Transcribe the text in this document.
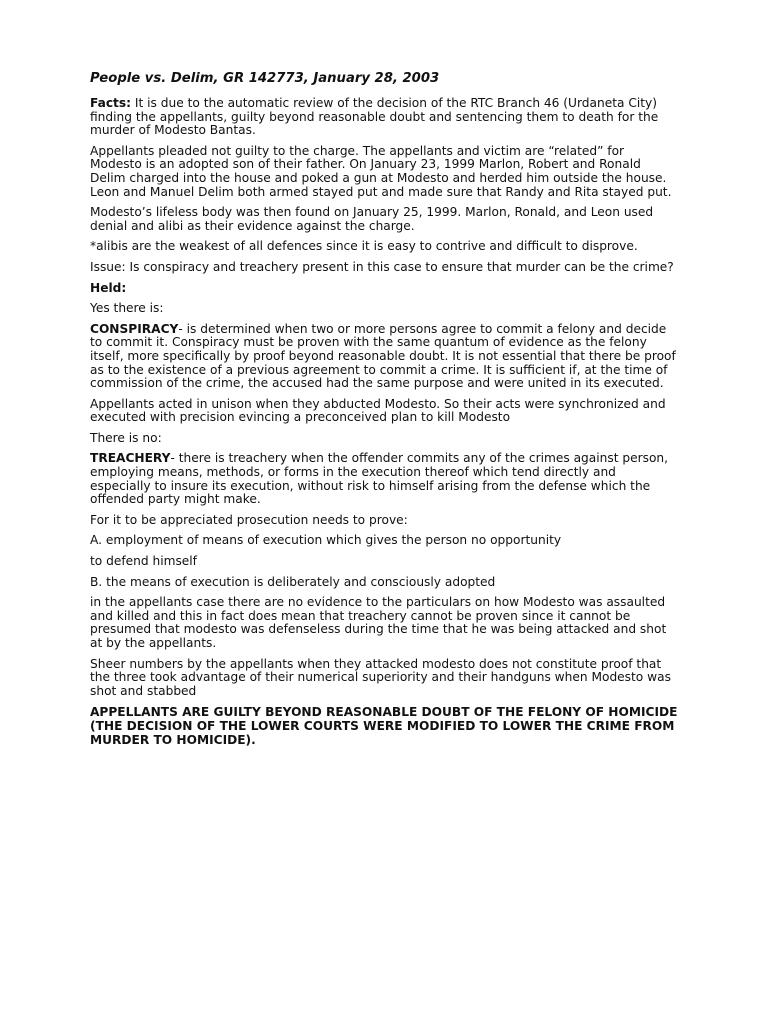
People vs. Delim, GR 142773, January 28, 2003

Facts: It is due to the automatic review of the decision of the RTC Branch 46 (Urdaneta City) finding the appellants, guilty beyond reasonable doubt and sentencing them to death for the murder of Modesto Bantas.

Appellants pleaded not guilty to the charge. The appellants and victim are “related” for Modesto is an adopted son of their father. On January 23, 1999 Marlon, Robert and Ronald Delim charged into the house and poked a gun at Modesto and herded him outside the house. Leon and Manuel Delim both armed stayed put and made sure that Randy and Rita stayed put.

Modesto’s lifeless body was then found on January 25, 1999. Marlon, Ronald, and Leon used denial and alibi as their evidence against the charge.

*alibis are the weakest of all defences since it is easy to contrive and difficult to disprove.

Issue: Is conspiracy and treachery present in this case to ensure that murder can be the crime?

Held:

Yes there is:

CONSPIRACY- is determined when two or more persons agree to commit a felony and decide to commit it. Conspiracy must be proven with the same quantum of evidence as the felony itself, more specifically by proof beyond reasonable doubt. It is not essential that there be proof as to the existence of a previous agreement to commit a crime. It is sufficient if, at the time of commission of the crime, the accused had the same purpose and were united in its executed.

Appellants acted in unison when they abducted Modesto. So their acts were synchronized and executed with precision evincing a preconceived plan to kill Modesto

There is no:

TREACHERY- there is treachery when the offender commits any of the crimes against person, employing means, methods, or forms in the execution thereof which tend directly and especially to insure its execution, without risk to himself arising from the defense which the offended party might make.

For it to be appreciated prosecution needs to prove:

A. employment of means of execution which gives the person no opportunity

to defend himself

B. the means of execution is deliberately and consciously adopted

in the appellants case there are no evidence to the particulars on how Modesto was assaulted and killed and this in fact does mean that treachery cannot be proven since it cannot be presumed that modesto was defenseless during the time that he was being attacked and shot at by the appellants.

Sheer numbers by the appellants when they attacked modesto does not constitute proof that the three took advantage of their numerical superiority and their handguns when Modesto was shot and stabbed

APPELLANTS ARE GUILTY BEYOND REASONABLE DOUBT OF THE FELONY OF HOMICIDE (THE DECISION OF THE LOWER COURTS WERE MODIFIED TO LOWER THE CRIME FROM MURDER TO HOMICIDE).
